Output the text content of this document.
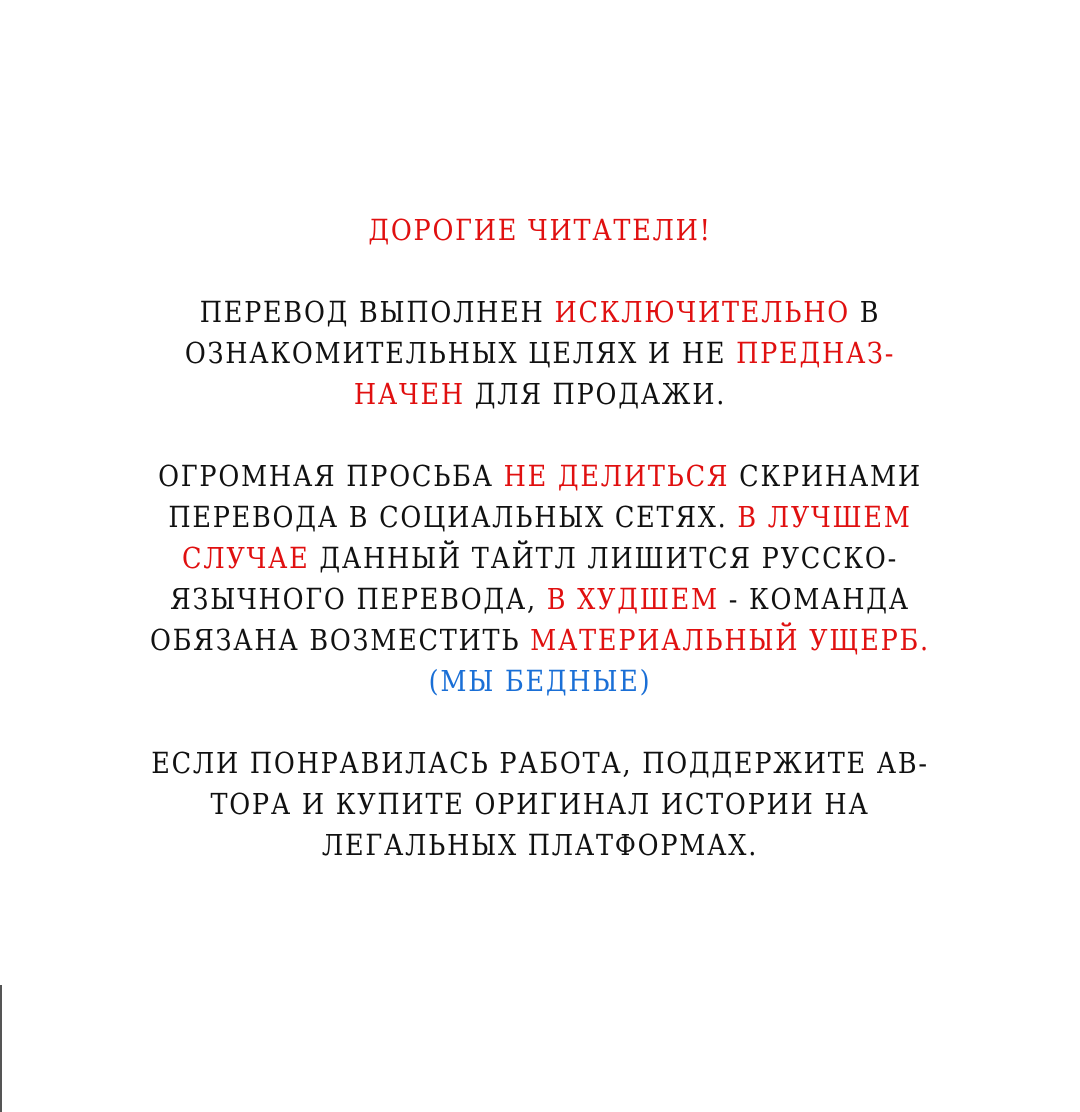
ДОРОГИЕ ЧИТАТЕЛИ!

ПЕРЕВОД ВЫПОЛНЕН ИСКЛЮЧИТЕЛЬНО В
ОЗНАКОМИТЕЛЬНЫХ ЦЕЛЯХ И НЕ ПРЕДНАЗ-
НАЧЕН ДЛЯ ПРОДАЖИ.

ОГРОМНАЯ ПРОСЬБА НЕ ДЕЛИТЬСЯ СКРИНАМИ
ПЕРЕВОДА В СОЦИАЛЬНЫХ СЕТЯХ. В ЛУЧШЕМ
СЛУЧАЕ ДАННЫЙ ТАЙТЛ ЛИШИТСЯ РУССКО-
ЯЗЫЧНОГО ПЕРЕВОДА, В ХУДШЕМ - КОМАНДА
ОБЯЗАНА ВОЗМЕСТИТЬ МАТЕРИАЛЬНЫЙ УЩЕРБ.
(МЫ БЕДНЫЕ)

ЕСЛИ ПОНРАВИЛАСЬ РАБОТА, ПОДДЕРЖИТЕ АВ-
ТОРА И КУПИТЕ ОРИГИНАЛ ИСТОРИИ НА
ЛЕГАЛЬНЫХ ПЛАТФОРМАХ.
